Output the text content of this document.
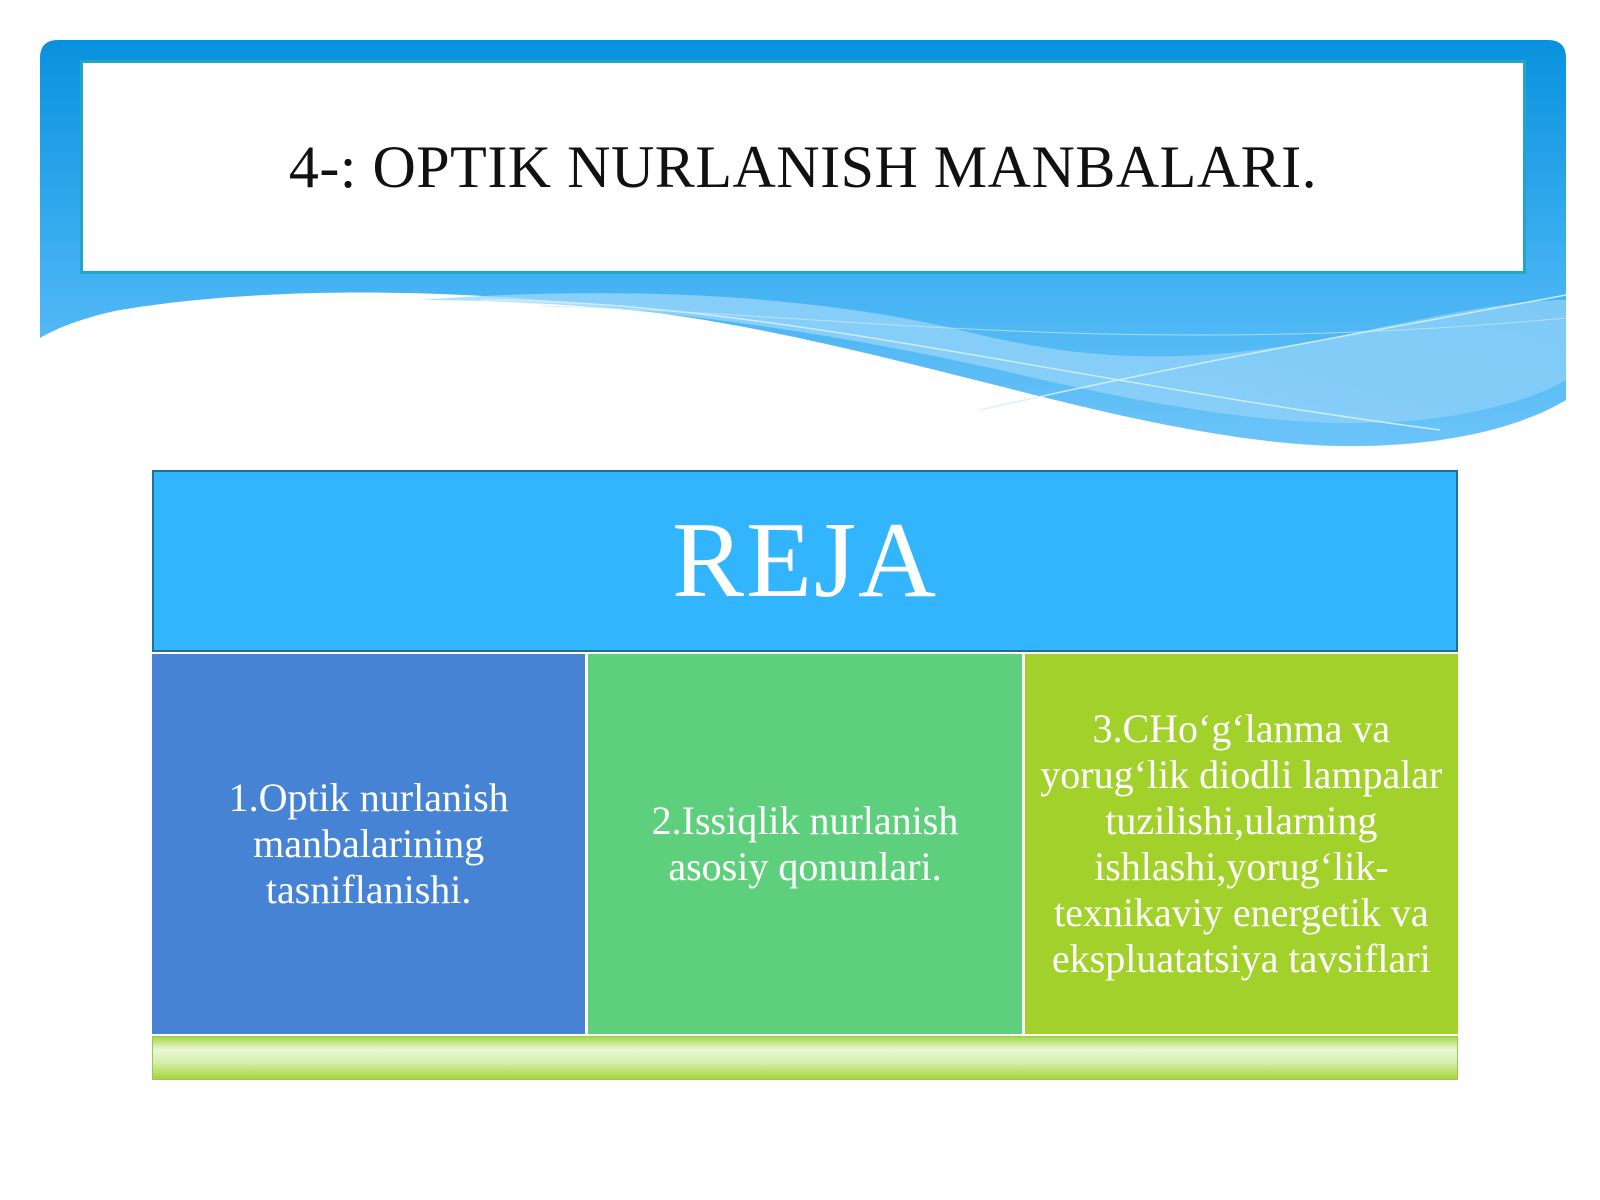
4-: OPTIK NURLANISH MANBALARI.
REJA
1.Optik nurlanish manbalarining tasniflanishi.
2.Issiqlik nurlanish asosiy qonunlari.
3.CHo‘g‘lanma va yorug‘lik diodli lampalar tuzilishi,ularning ishlashi,yorug‘lik-texnikaviy energetik va ekspluatatsiya tavsiflari
